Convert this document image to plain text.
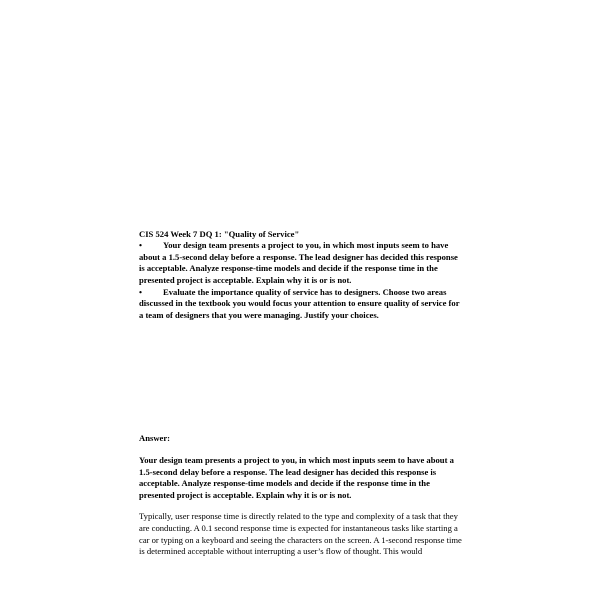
CIS 524 Week 7 DQ 1: "Quality of Service"

• Your design team presents a project to you, in which most inputs seem to have about a 1.5-second delay before a response. The lead designer has decided this response is acceptable. Analyze response-time models and decide if the response time in the presented project is acceptable. Explain why it is or is not.

• Evaluate the importance quality of service has to designers. Choose two areas discussed in the textbook you would focus your attention to ensure quality of service for a team of designers that you were managing. Justify your choices.

Answer:

Your design team presents a project to you, in which most inputs seem to have about a 1.5-second delay before a response. The lead designer has decided this response is acceptable. Analyze response-time models and decide if the response time in the presented project is acceptable. Explain why it is or is not.

Typically, user response time is directly related to the type and complexity of a task that they are conducting. A 0.1 second response time is expected for instantaneous tasks like starting a car or typing on a keyboard and seeing the characters on the screen. A 1-second response time is determined acceptable without interrupting a user’s flow of thought. This would
